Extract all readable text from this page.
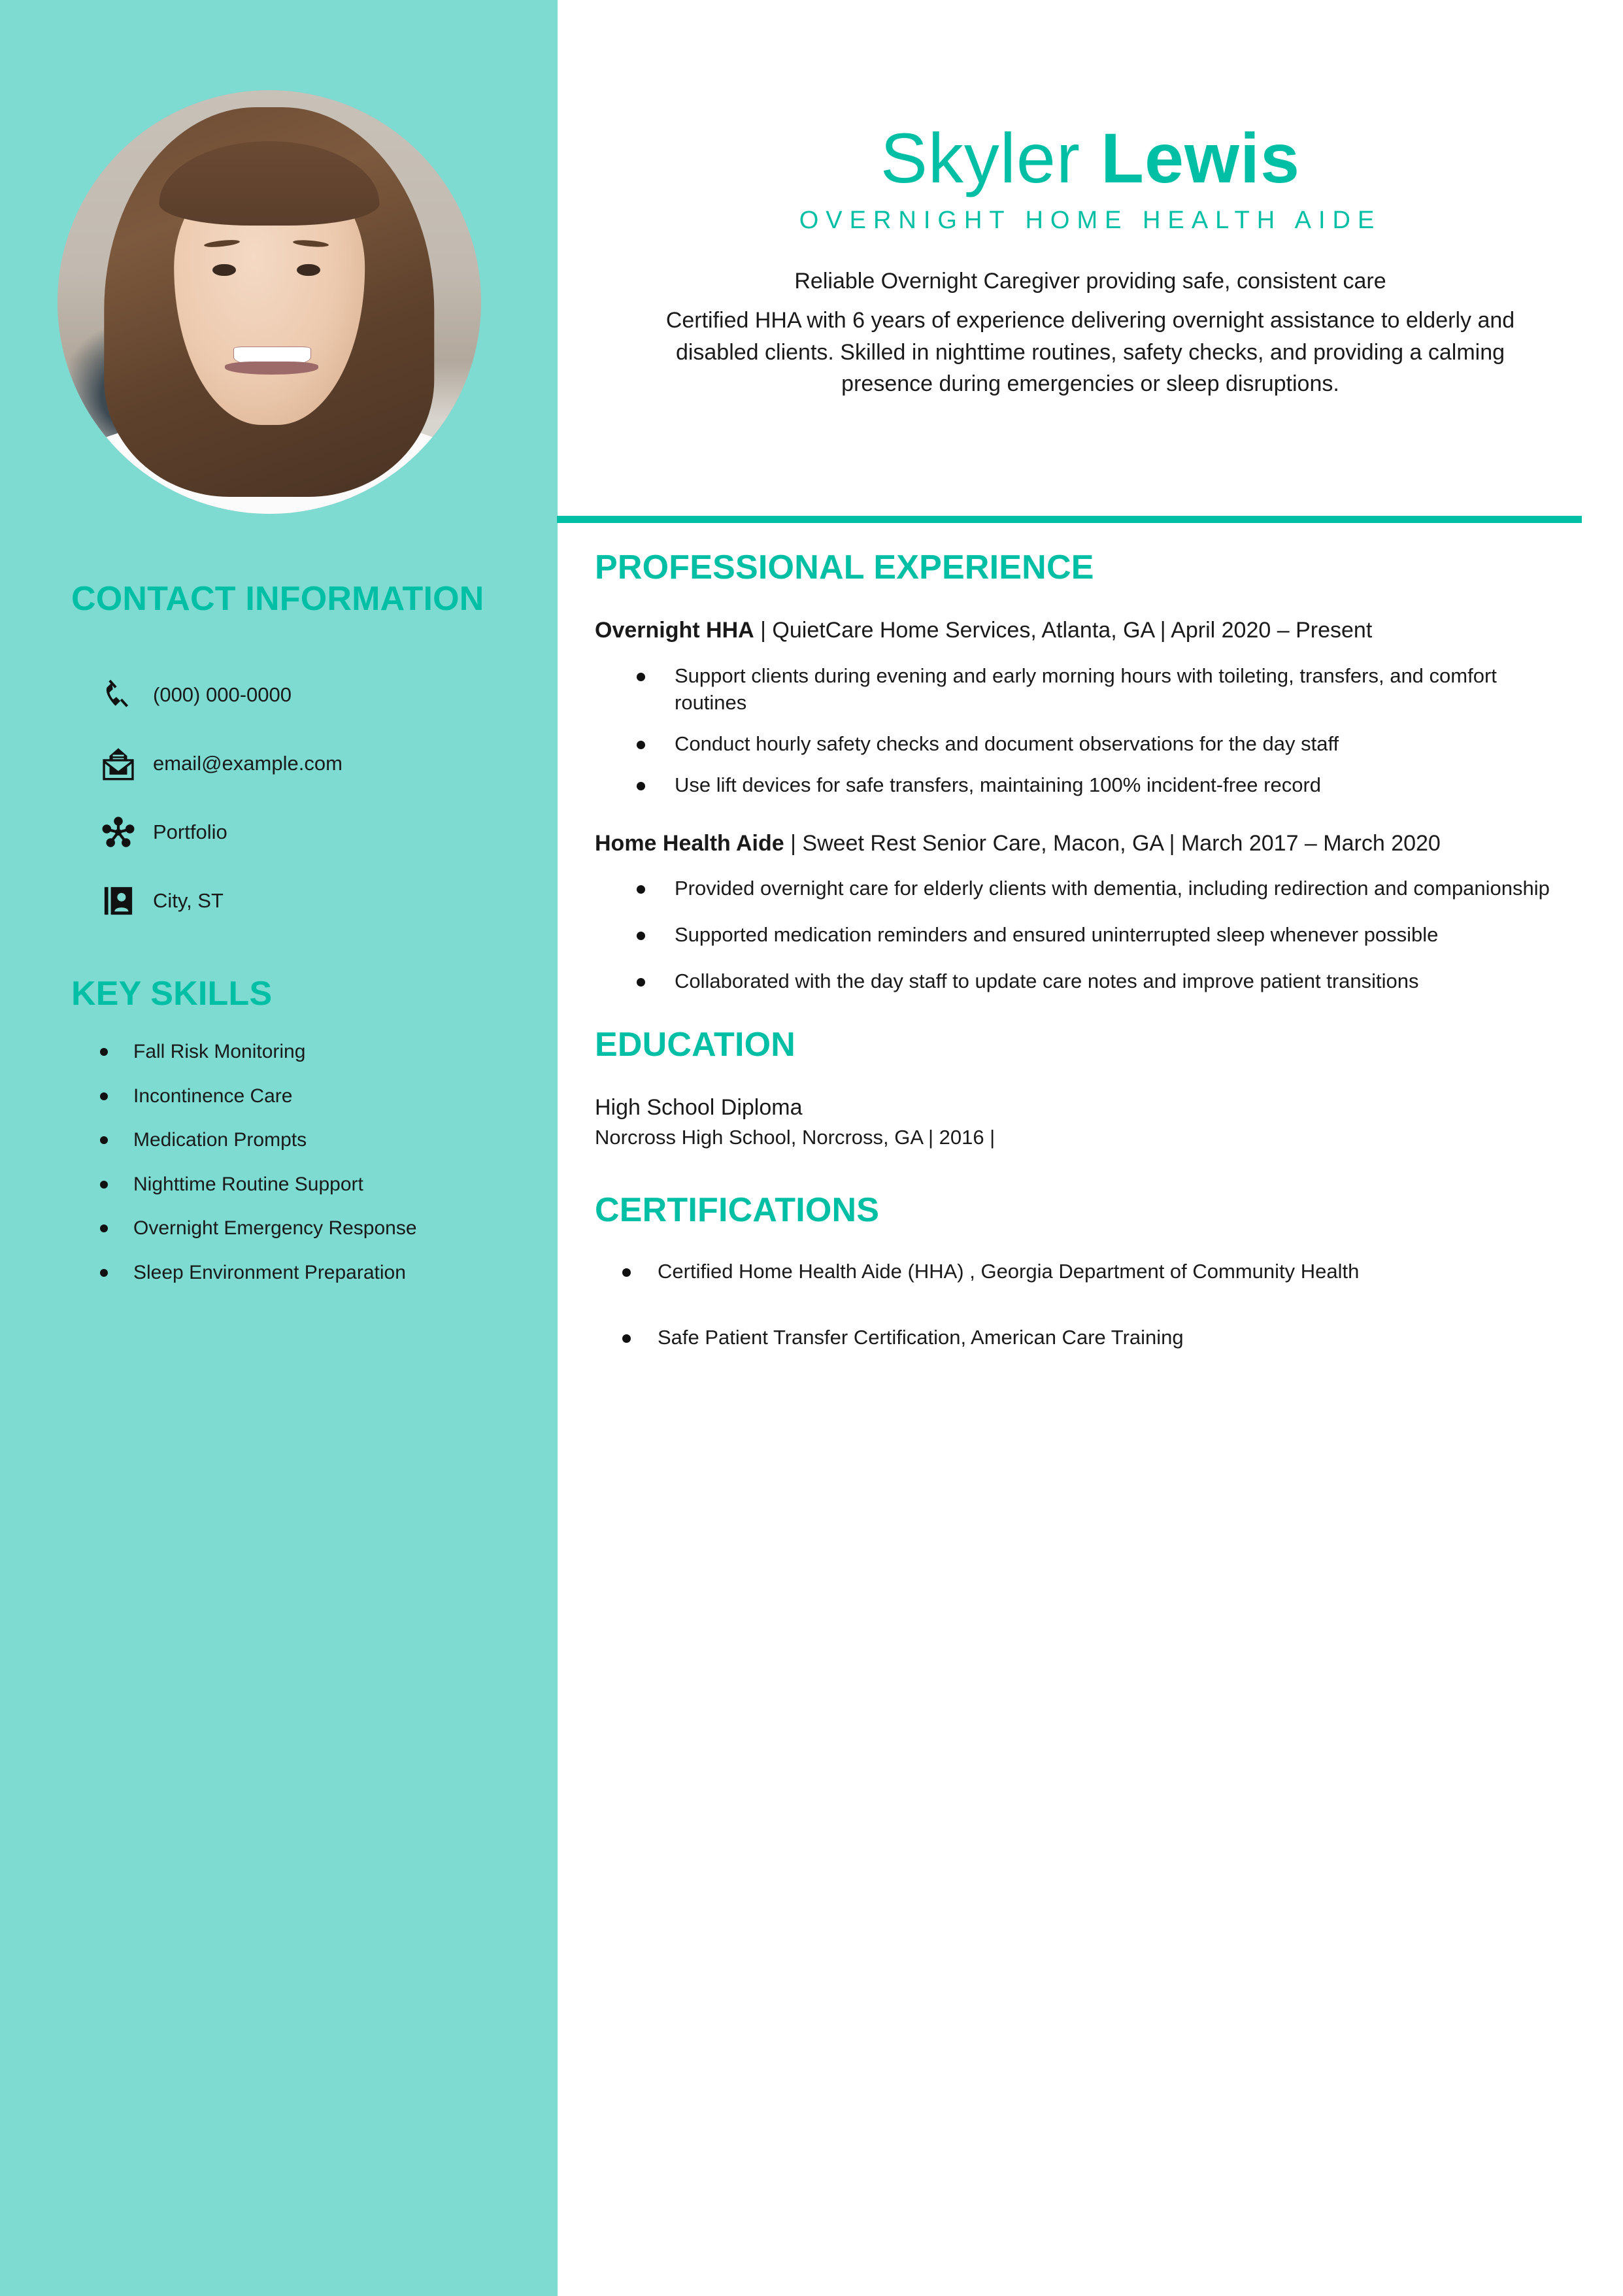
CONTACT INFORMATION
(000) 000-0000
email@example.com
Portfolio
City, ST
KEY SKILLS
Fall Risk Monitoring
Incontinence Care
Medication Prompts
Nighttime Routine Support
Overnight Emergency Response
Sleep Environment Preparation
Skyler Lewis
OVERNIGHT HOME HEALTH AIDE
Reliable Overnight Caregiver providing safe, consistent care
Certified HHA with 6 years of experience delivering overnight assistance to elderly and disabled clients. Skilled in nighttime routines, safety checks, and providing a calming presence during emergencies or sleep disruptions.
PROFESSIONAL EXPERIENCE
Overnight HHA | QuietCare Home Services, Atlanta, GA | April 2020 – Present
Support clients during evening and early morning hours with toileting, transfers, and comfort routines
Conduct hourly safety checks and document observations for the day staff
Use lift devices for safe transfers, maintaining 100% incident-free record
Home Health Aide | Sweet Rest Senior Care, Macon, GA | March 2017 – March 2020
Provided overnight care for elderly clients with dementia, including redirection and companionship
Supported medication reminders and ensured uninterrupted sleep whenever possible
Collaborated with the day staff to update care notes and improve patient transitions
EDUCATION

High School Diploma

Norcross High School, Norcross, GA | 2016 |

CERTIFICATIONS
Certified Home Health Aide (HHA) , Georgia Department of Community Health
Safe Patient Transfer Certification, American Care Training
